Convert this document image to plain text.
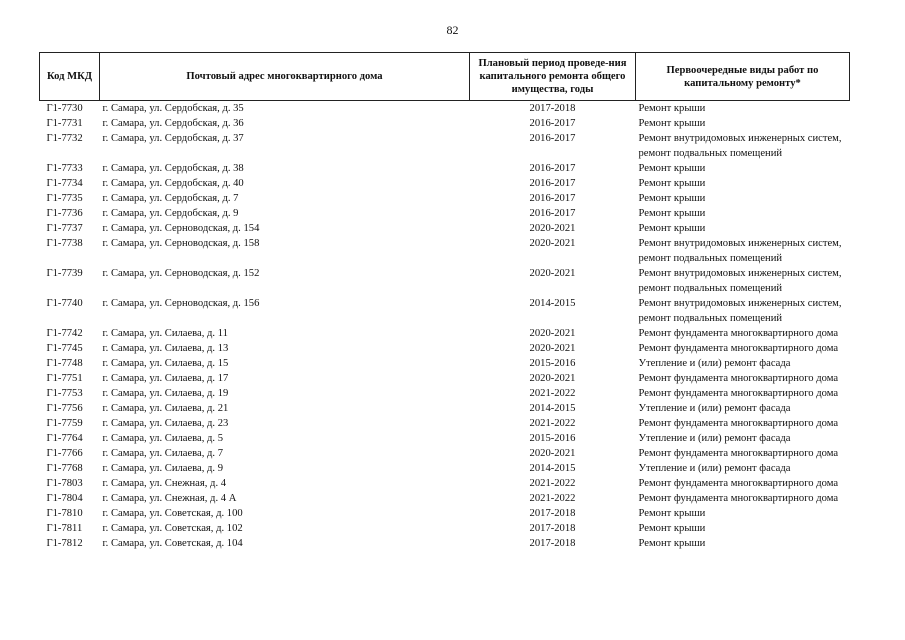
82
Код МКД	Почтовый адрес многоквартирного дома	Плановый период проведе-ния капитального ремонта общего имущества, годы	Первоочередные виды работ по капитальному ремонту*
Г1-7730	г. Самара, ул. Сердобская, д. 35	2017-2018	Ремонт крыши
Г1-7731	г. Самара, ул. Сердобская, д. 36	2016-2017	Ремонт крыши
Г1-7732	г. Самара, ул. Сердобская, д. 37	2016-2017	Ремонт внутридомовых инженерных систем, ремонт подвальных помещений
Г1-7733	г. Самара, ул. Сердобская, д. 38	2016-2017	Ремонт крыши
Г1-7734	г. Самара, ул. Сердобская, д. 40	2016-2017	Ремонт крыши
Г1-7735	г. Самара, ул. Сердобская, д. 7	2016-2017	Ремонт крыши
Г1-7736	г. Самара, ул. Сердобская, д. 9	2016-2017	Ремонт крыши
Г1-7737	г. Самара, ул. Серноводская, д. 154	2020-2021	Ремонт крыши
Г1-7738	г. Самара, ул. Серноводская, д. 158	2020-2021	Ремонт внутридомовых инженерных систем, ремонт подвальных помещений
Г1-7739	г. Самара, ул. Серноводская, д. 152	2020-2021	Ремонт внутридомовых инженерных систем, ремонт подвальных помещений
Г1-7740	г. Самара, ул. Серноводская, д. 156	2014-2015	Ремонт внутридомовых инженерных систем, ремонт подвальных помещений
Г1-7742	г. Самара, ул. Силаева, д. 11	2020-2021	Ремонт фундамента многоквартирного дома
Г1-7745	г. Самара, ул. Силаева, д. 13	2020-2021	Ремонт фундамента многоквартирного дома
Г1-7748	г. Самара, ул. Силаева, д. 15	2015-2016	Утепление и (или) ремонт фасада
Г1-7751	г. Самара, ул. Силаева, д. 17	2020-2021	Ремонт фундамента многоквартирного дома
Г1-7753	г. Самара, ул. Силаева, д. 19	2021-2022	Ремонт фундамента многоквартирного дома
Г1-7756	г. Самара, ул. Силаева, д. 21	2014-2015	Утепление и (или) ремонт фасада
Г1-7759	г. Самара, ул. Силаева, д. 23	2021-2022	Ремонт фундамента многоквартирного дома
Г1-7764	г. Самара, ул. Силаева, д. 5	2015-2016	Утепление и (или) ремонт фасада
Г1-7766	г. Самара, ул. Силаева, д. 7	2020-2021	Ремонт фундамента многоквартирного дома
Г1-7768	г. Самара, ул. Силаева, д. 9	2014-2015	Утепление и (или) ремонт фасада
Г1-7803	г. Самара, ул. Снежная, д. 4	2021-2022	Ремонт фундамента многоквартирного дома
Г1-7804	г. Самара, ул. Снежная, д. 4 А	2021-2022	Ремонт фундамента многоквартирного дома
Г1-7810	г. Самара, ул. Советская, д. 100	2017-2018	Ремонт крыши
Г1-7811	г. Самара, ул. Советская, д. 102	2017-2018	Ремонт крыши
Г1-7812	г. Самара, ул. Советская, д. 104	2017-2018	Ремонт крыши
